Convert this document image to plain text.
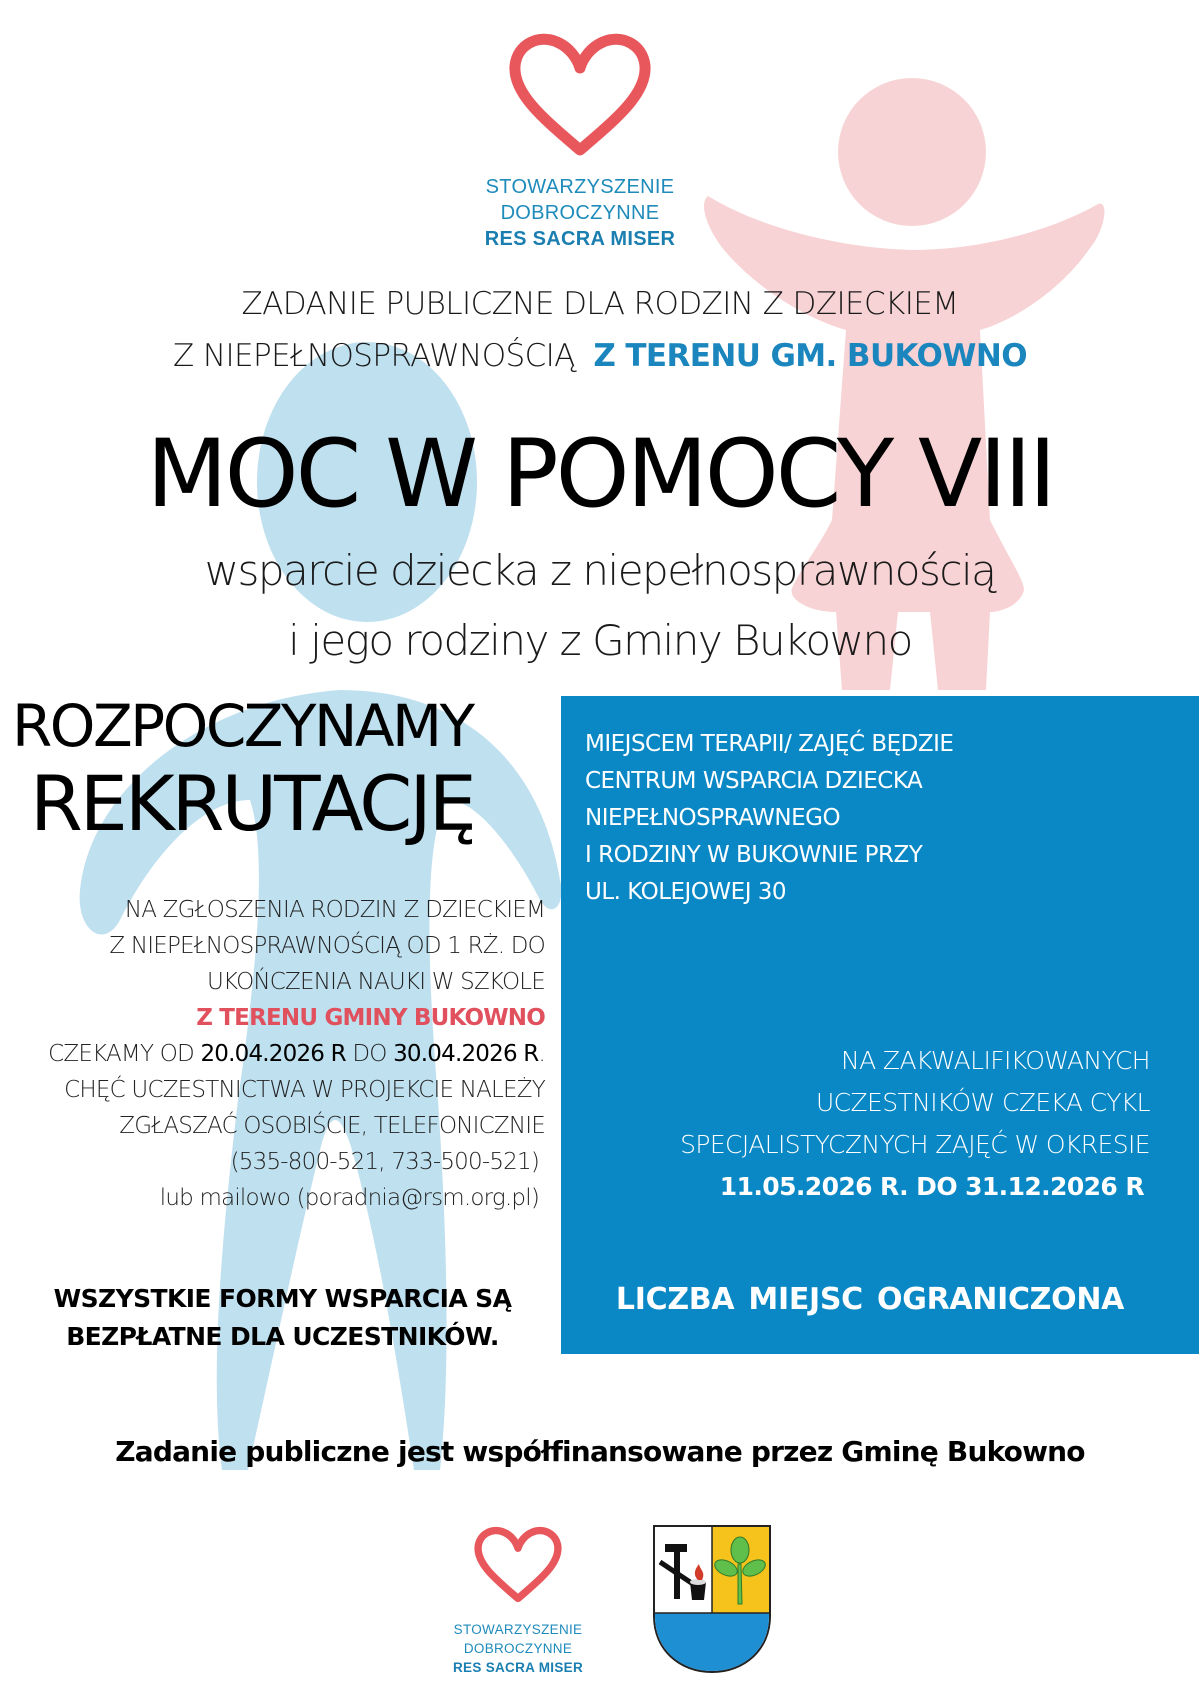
STOWARZYSZENIE
DOBROCZYNNE
RES SACRA MISER
ZADANIE PUBLICZNE DLA RODZIN Z DZIECKIEM
Z NIEPEŁNOSPRAWNOŚCIĄ Z TERENU GM. BUKOWNO
MOC W POMOCY VIII
wsparcie dziecka z niepełnosprawnością
i jego rodziny z Gminy Bukowno
ROZPOCZYNAMY
REKRUTACJĘ
NA ZGŁOSZENIA RODZIN Z DZIECKIEM
Z NIEPEŁNOSPRAWNOŚCIĄ OD 1 RŻ. DO
UKOŃCZENIA NAUKI W SZKOLE
Z TERENU GMINY BUKOWNO
CZEKAMY OD 20.04.2026 R DO 30.04.2026 R.
CHĘĆ UCZESTNICTWA W PROJEKCIE NALEŻY
ZGŁASZAĆ OSOBIŚCIE, TELEFONICZNIE
(535-800-521, 733-500-521)
lub mailowo (poradnia@rsm.org.pl)
WSZYSTKIE FORMY WSPARCIA SĄ
BEZPŁATNE DLA UCZESTNIKÓW.
MIEJSCEM TERAPII/ ZAJĘĆ BĘDZIE
CENTRUM WSPARCIA DZIECKA
NIEPEŁNOSPRAWNEGO
I RODZINY W BUKOWNIE PRZY
UL. KOLEJOWEJ 30
NA ZAKWALIFIKOWANYCH
UCZESTNIKÓW CZEKA CYKL
SPECJALISTYCZNYCH ZAJĘĆ W OKRESIE
11.05.2026 R. DO 31.12.2026 R
LICZBA MIEJSC OGRANICZONA
Zadanie publiczne jest współfinansowane przez Gminę Bukowno
STOWARZYSZENIE
DOBROCZYNNE
RES SACRA MISER
